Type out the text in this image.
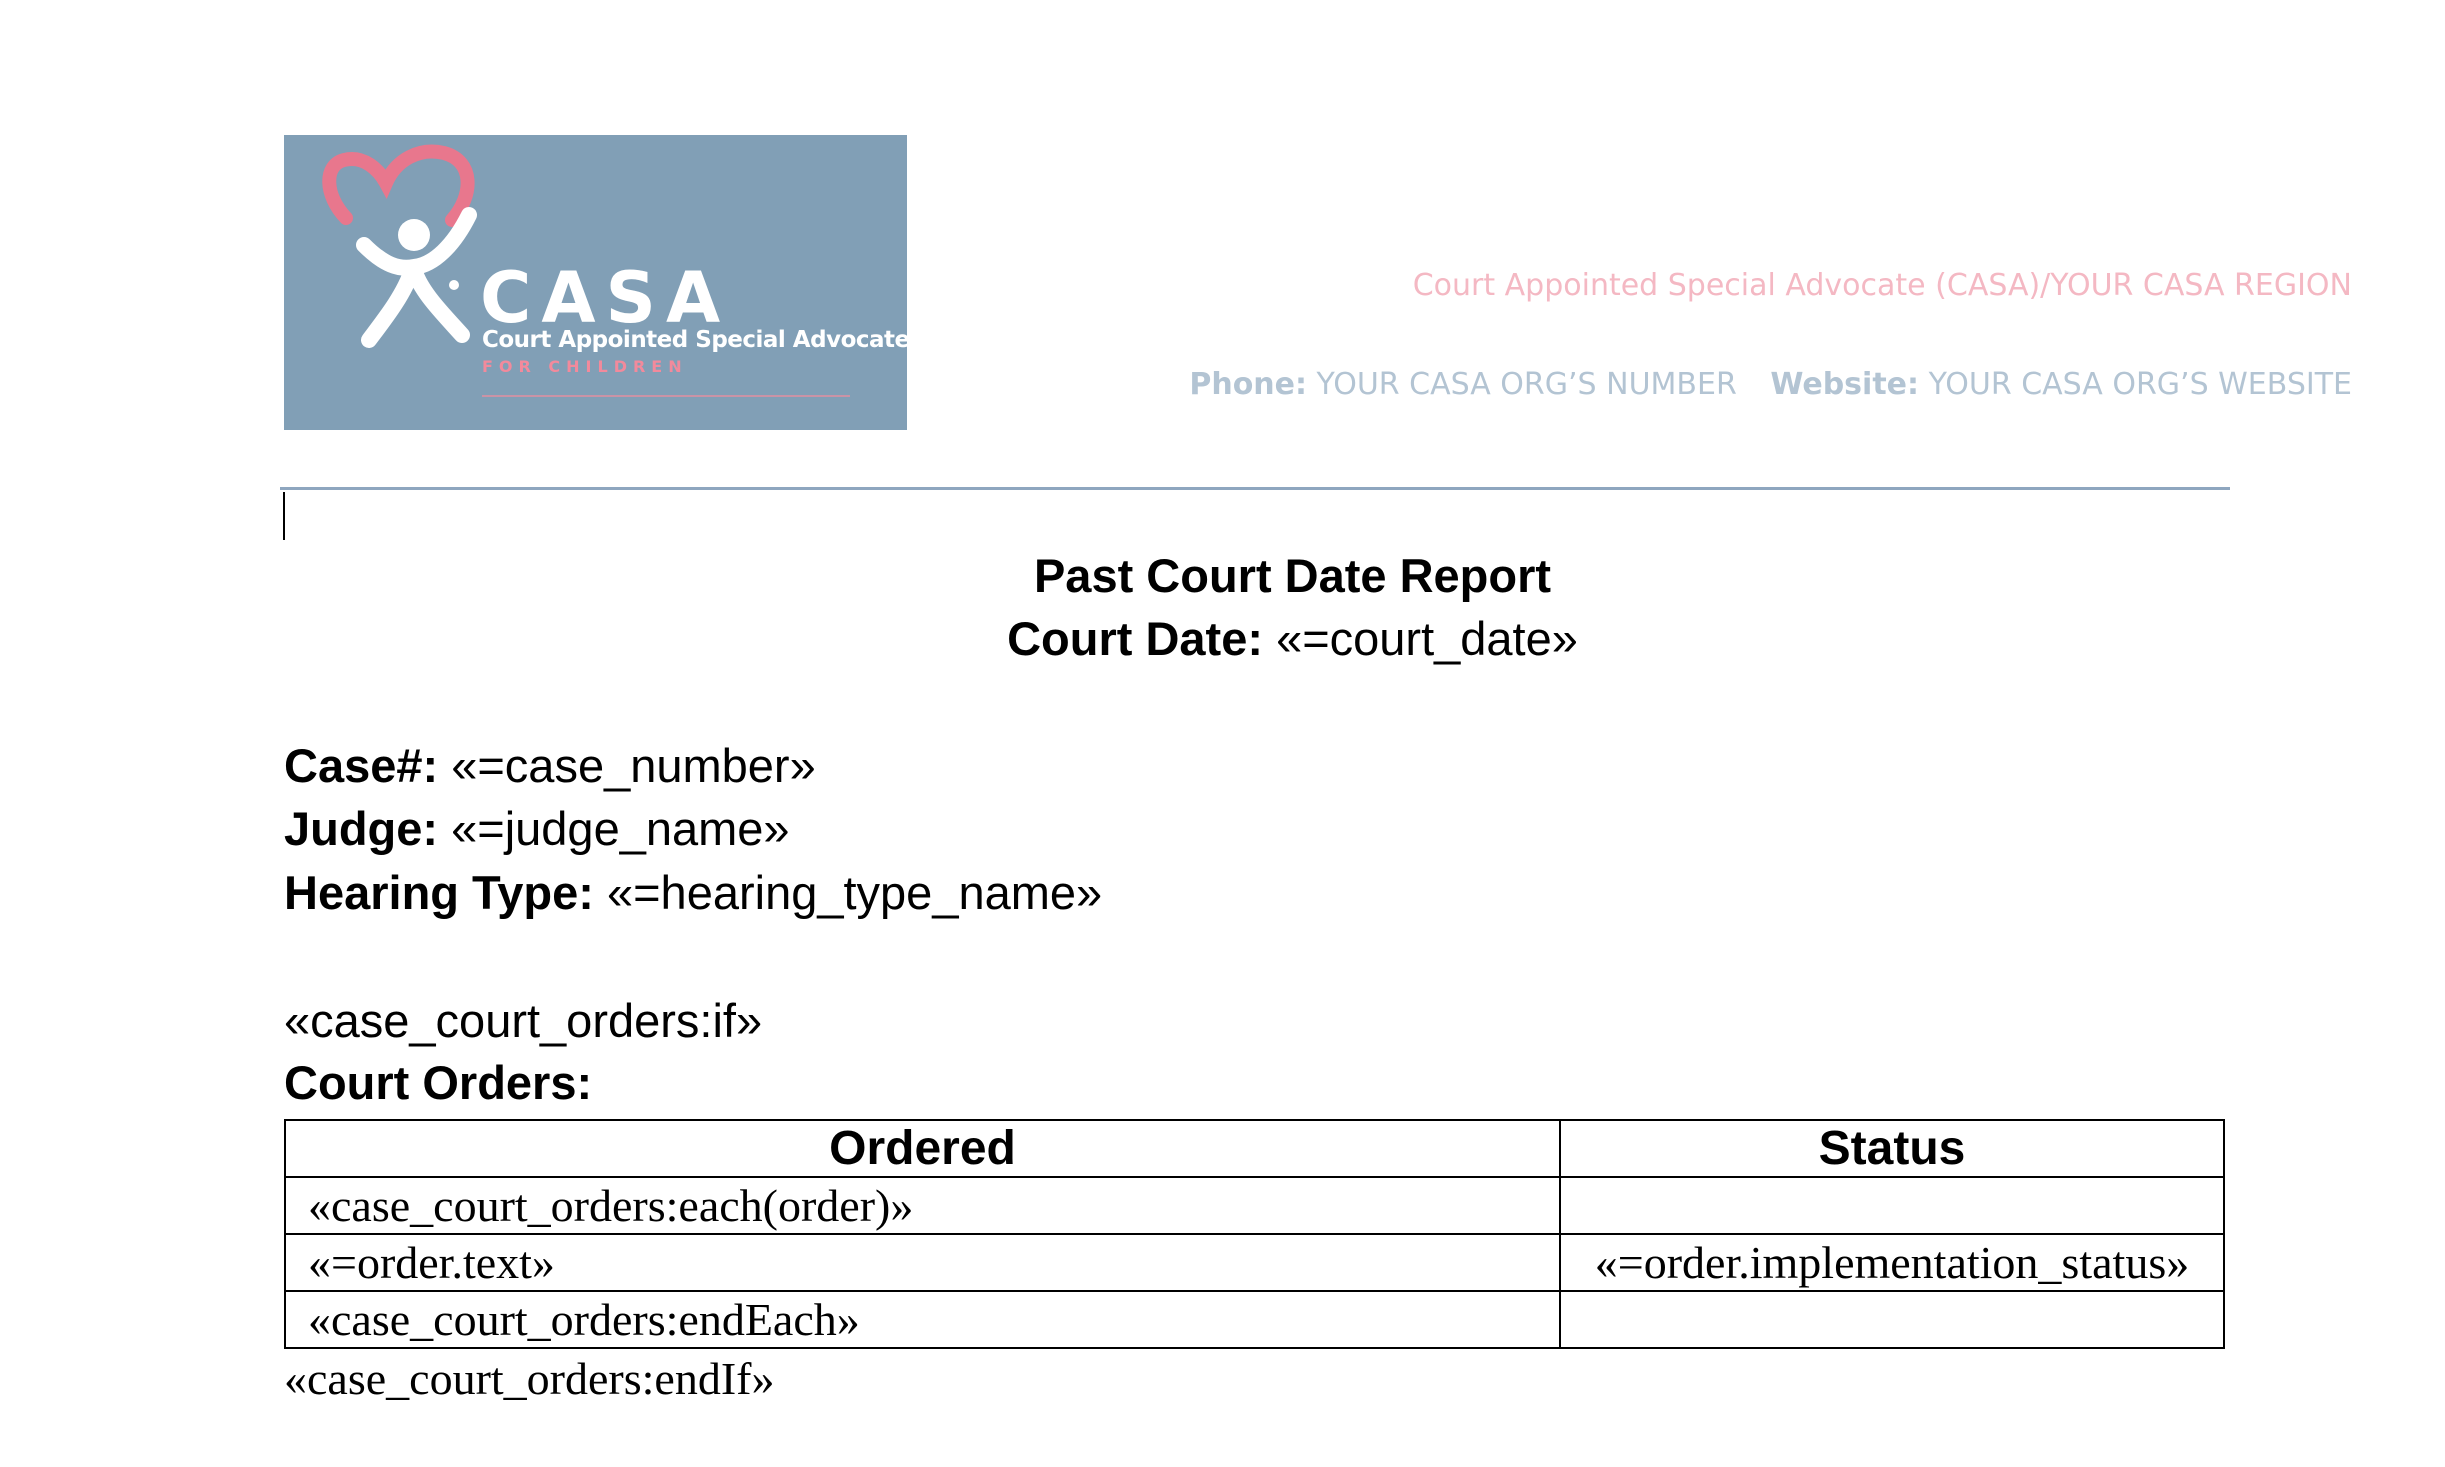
CASA
Court Appointed Special Advocates
FOR CHILDREN
Court Appointed Special Advocate (CASA)/YOUR CASA REGION
Phone: YOUR CASA ORG’S NUMBER Website: YOUR CASA ORG’S WEBSITE
Past Court Date Report
Court Date: «=court_date»
Case#: «=case_number»
Judge: «=judge_name»
Hearing Type: «=hearing_type_name»
«case_court_orders:if»
Court Orders:
Ordered	Status
«case_court_orders:each(order)»	
«=order.text»	«=order.implementation_status»
«case_court_orders:endEach»	
«case_court_orders:endIf»
